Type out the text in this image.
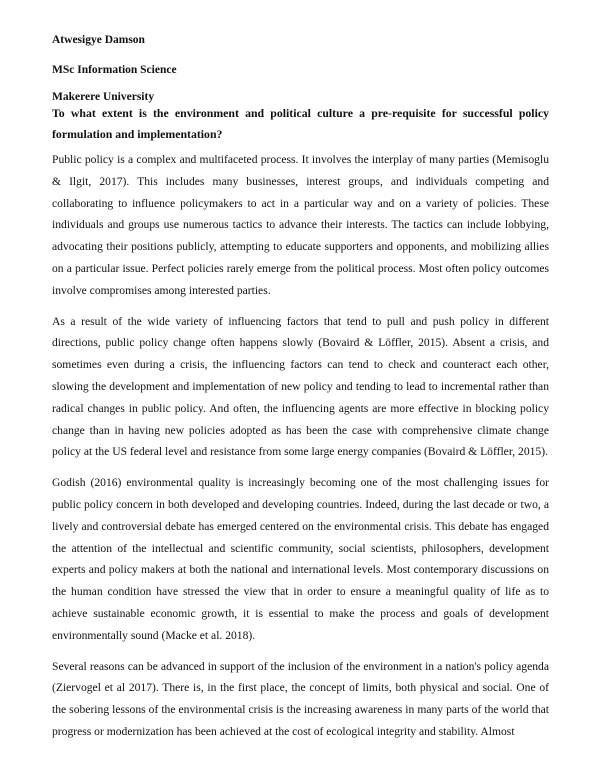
Atwesigye Damson
MSc Information Science
Makerere University
To what extent is the environment and political culture a pre-requisite for successful policy formulation and implementation?

Public policy is a complex and multifaceted process. It involves the interplay of many parties (Memisoglu & Ilgit, 2017). This includes many businesses, interest groups, and individuals competing and collaborating to influence policymakers to act in a particular way and on a variety of policies. These individuals and groups use numerous tactics to advance their interests. The tactics can include lobbying, advocating their positions publicly, attempting to educate supporters and opponents, and mobilizing allies on a particular issue. Perfect policies rarely emerge from the political process. Most often policy outcomes involve compromises among interested parties.

As a result of the wide variety of influencing factors that tend to pull and push policy in different directions, public policy change often happens slowly (Bovaird & Löffler, 2015). Absent a crisis, and sometimes even during a crisis, the influencing factors can tend to check and counteract each other, slowing the development and implementation of new policy and tending to lead to incremental rather than radical changes in public policy. And often, the influencing agents are more effective in blocking policy change than in having new policies adopted as has been the case with comprehensive climate change policy at the US federal level and resistance from some large energy companies (Bovaird & Löffler, 2015).

Godish (2016) environmental quality is increasingly becoming one of the most challenging issues for public policy concern in both developed and developing countries. Indeed, during the last decade or two, a lively and controversial debate has emerged centered on the environmental crisis. This debate has engaged the attention of the intellectual and scientific community, social scientists, philosophers, development experts and policy makers at both the national and international levels. Most contemporary discussions on the human condition have stressed the view that in order to ensure a meaningful quality of life as to achieve sustainable economic growth, it is essential to make the process and goals of development environmentally sound (Macke et al. 2018).

Several reasons can be advanced in support of the inclusion of the environment in a nation's policy agenda (Ziervogel et al 2017). There is, in the first place, the concept of limits, both physical and social. One of the sobering lessons of the environmental crisis is the increasing awareness in many parts of the world that progress or modernization has been achieved at the cost of ecological integrity and stability. Almost
